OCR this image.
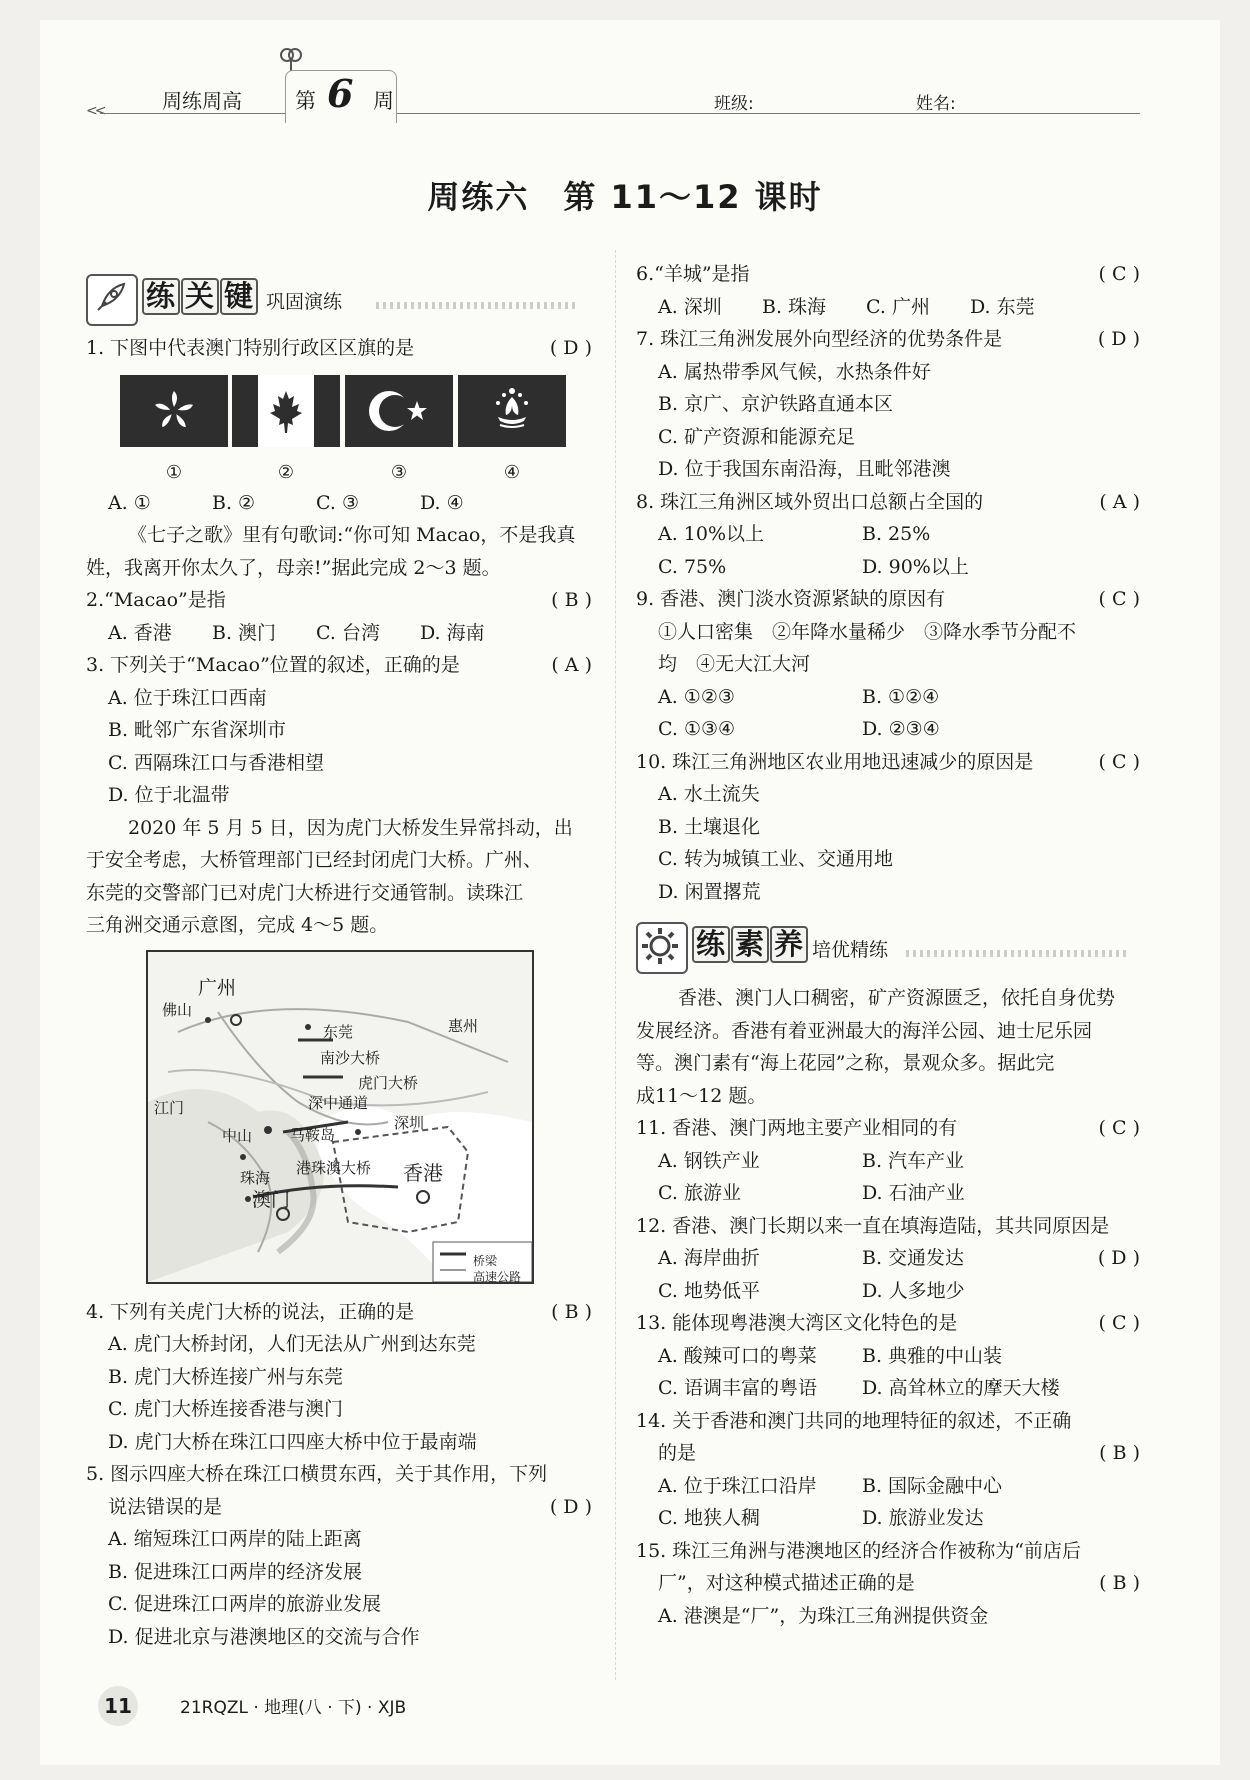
<<	周练周高	第 6 周	班级:	姓名:
周练六　第 11～12 课时
练 关 键 巩固演练
1. 下图中代表澳门特别行政区区旗的是	( D )
①	②	③	④
A. ①	B. ②	C. ③	D. ④
《七子之歌》里有句歌词:“你可知 Macao，不是我真
姓，我离开你太久了，母亲!”据此完成 2～3 题。
2.“Macao”是指	( B )
A. 香港 B. 澳门 C. 台湾 D. 海南
3. 下列关于“Macao”位置的叙述，正确的是	( A )
A. 位于珠江口西南
B. 毗邻广东省深圳市
C. 西隔珠江口与香港相望
D. 位于北温带
2020 年 5 月 5 日，因为虎门大桥发生异常抖动，出
于安全考虑，大桥管理部门已经封闭虎门大桥。广州、
东莞的交警部门已对虎门大桥进行交通管制。读珠江
三角洲交通示意图，完成 4～5 题。
广州
佛山
东莞	惠州
南沙大桥
虎门大桥
深中通道
江门
深圳
中山	马鞍岛
港珠澳大桥 香港
珠海
澳门
桥梁
高速公路
4. 下列有关虎门大桥的说法，正确的是	( B )
A. 虎门大桥封闭，人们无法从广州到达东莞
B. 虎门大桥连接广州与东莞
C. 虎门大桥连接香港与澳门
D. 虎门大桥在珠江口四座大桥中位于最南端
5. 图示四座大桥在珠江口横贯东西，关于其作用，下列
说法错误的是	( D )
A. 缩短珠江口两岸的陆上距离
B. 促进珠江口两岸的经济发展
C. 促进珠江口两岸的旅游业发展
D. 促进北京与港澳地区的交流与合作
6.“羊城”是指	( C )
A. 深圳 B. 珠海 C. 广州 D. 东莞
7. 珠江三角洲发展外向型经济的优势条件是	( D )
A. 属热带季风气候，水热条件好
B. 京广、京沪铁路直通本区
C. 矿产资源和能源充足
D. 位于我国东南沿海，且毗邻港澳
8. 珠江三角洲区域外贸出口总额占全国的	( A )
A. 10%以上	B. 25%
C. 75%	D. 90%以上
9. 香港、澳门淡水资源紧缺的原因有	( C )
①人口密集　②年降水量稀少　③降水季节分配不
均　④无大江大河
A. ①②③	B. ①②④
C. ①③④	D. ②③④
10. 珠江三角洲地区农业用地迅速减少的原因是	( C )
A. 水土流失
B. 土壤退化
C. 转为城镇工业、交通用地
D. 闲置撂荒
练 素 养 培优精练
香港、澳门人口稠密，矿产资源匮乏，依托自身优势
发展经济。香港有着亚洲最大的海洋公园、迪士尼乐园
等。澳门素有“海上花园”之称，景观众多。据此完
成11～12 题。
11. 香港、澳门两地主要产业相同的有	( C )
A. 钢铁产业	B. 汽车产业
C. 旅游业	D. 石油产业
12. 香港、澳门长期以来一直在填海造陆，其共同原因是
( D )
A. 海岸曲折	B. 交通发达
C. 地势低平	D. 人多地少
13. 能体现粤港澳大湾区文化特色的是	( C )
A. 酸辣可口的粤菜 B. 典雅的中山装
C. 语调丰富的粤语 D. 高耸林立的摩天大楼
14. 关于香港和澳门共同的地理特征的叙述，不正确
的是	( B )
A. 位于珠江口沿岸 B. 国际金融中心
C. 地狭人稠	D. 旅游业发达
15. 珠江三角洲与港澳地区的经济合作被称为“前店后
厂”，对这种模式描述正确的是	( B )
A. 港澳是“厂”，为珠江三角洲提供资金
11	21RQZL · 地理(八 · 下) · XJB
